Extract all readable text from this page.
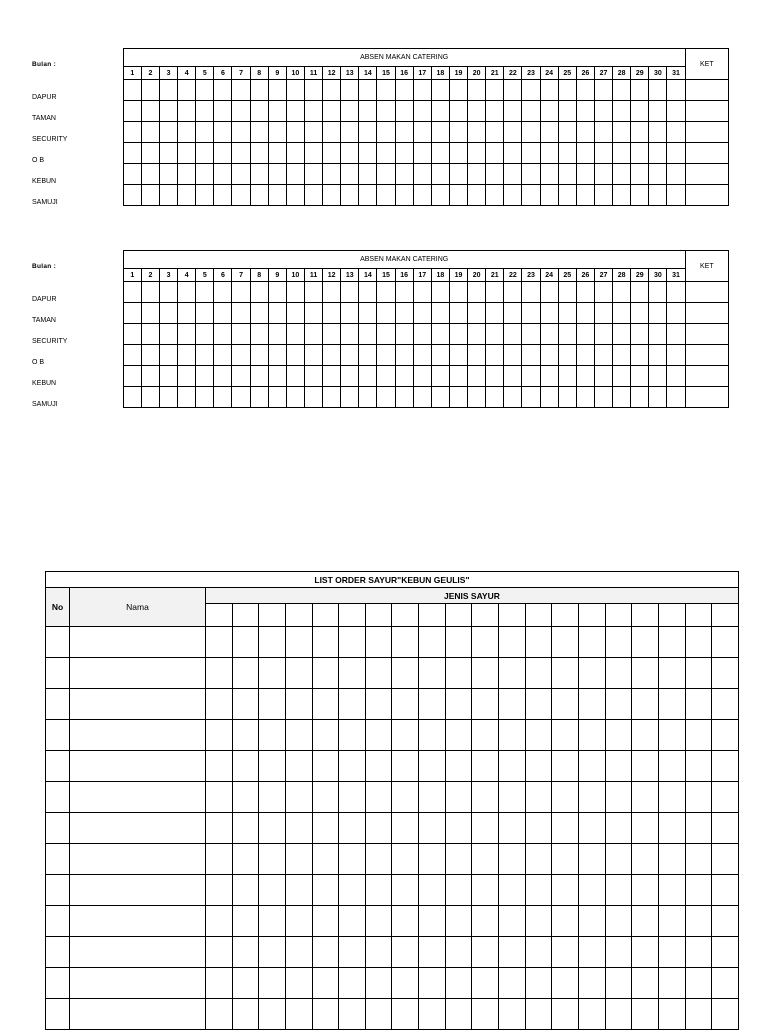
Bulan :	ABSEN MAKAN CATERING																															KET
	1	2	3	4	5	6	7	8	9	10	11	12	13	14	15	16	17	18	19	20	21	22	23	24	25	26	27	28	29	30	31	
DAPUR																																
TAMAN																																
SECURITY																																
O B																																
KEBUN																																
SAMUJI																																
Bulan :	ABSEN MAKAN CATERING																															KET
	1	2	3	4	5	6	7	8	9	10	11	12	13	14	15	16	17	18	19	20	21	22	23	24	25	26	27	28	29	30	31	
DAPUR																																
TAMAN																																
SECURITY																																
O B																																
KEBUN																																
SAMUJI																																
LIST ORDER SAYUR"KEBUN GEULIS"																					
No	Nama	JENIS SAYUR																			
